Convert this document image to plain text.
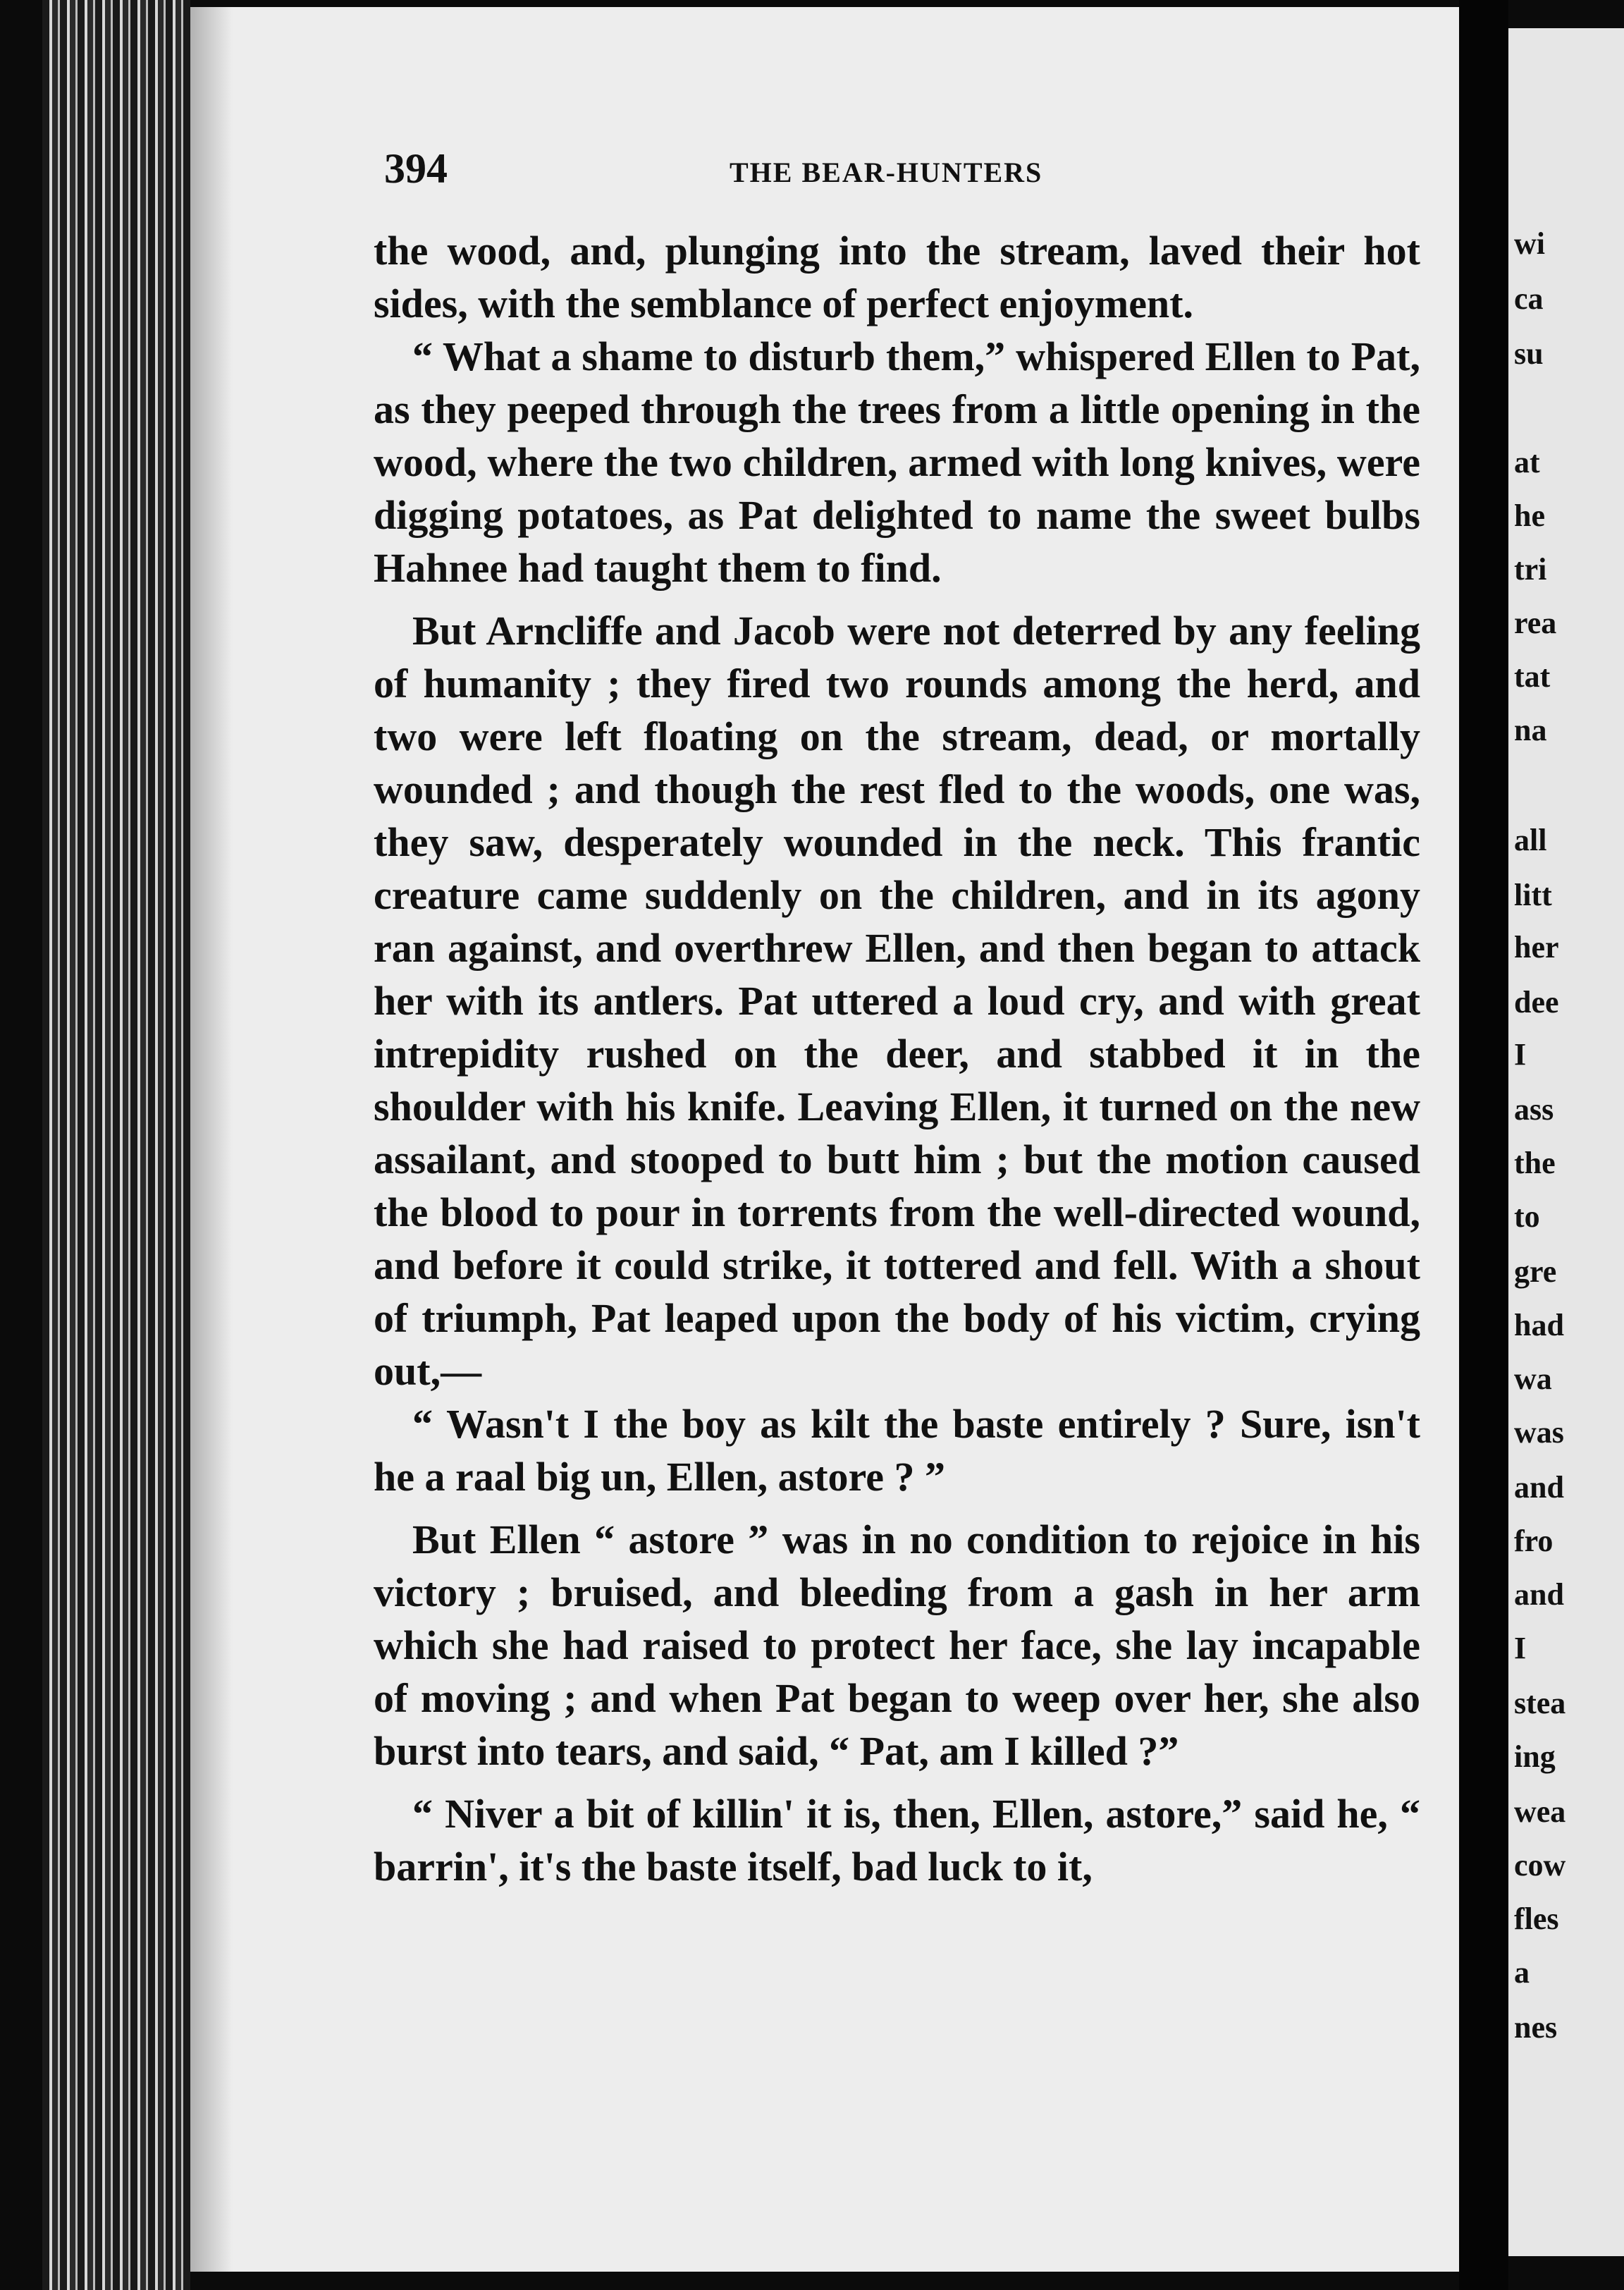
wi
ca
su
at
he
tri
rea
tat
na
all
litt
her
dee
I
ass
the
to
gre
had
wa
was
and
fro
and
I
stea
ing
wea
cow
fles
a
nes
394	THE BEAR-HUNTERS

the wood, and, plunging into the stream, laved their hot sides, with the semblance of perfect enjoyment.

“ What a shame to disturb them,” whispered Ellen to Pat, as they peeped through the trees from a little opening in the wood, where the two children, armed with long knives, were digging potatoes, as Pat delighted to name the sweet bulbs Hahnee had taught them to find.

But Arncliffe and Jacob were not deterred by any feeling of humanity ; they fired two rounds among the herd, and two were left floating on the stream, dead, or mortally wounded ; and though the rest fled to the woods, one was, they saw, desperately wounded in the neck. This frantic creature came suddenly on the children, and in its agony ran against, and overthrew Ellen, and then began to attack her with its antlers. Pat uttered a loud cry, and with great intrepidity rushed on the deer, and stabbed it in the shoulder with his knife. Leaving Ellen, it turned on the new assailant, and stooped to butt him ; but the motion caused the blood to pour in torrents from the well-directed wound, and before it could strike, it tottered and fell. With a shout of triumph, Pat leaped upon the body of his victim, crying out,—

“ Wasn't I the boy as kilt the baste entirely ? Sure, isn't he a raal big un, Ellen, astore ? ”

But Ellen “ astore ” was in no condition to rejoice in his victory ; bruised, and bleeding from a gash in her arm which she had raised to protect her face, she lay incapable of moving ; and when Pat began to weep over her, she also burst into tears, and said, “ Pat, am I killed ?”

“ Niver a bit of killin' it is, then, Ellen, astore,” said he, “ barrin', it's the baste itself, bad luck to it,
